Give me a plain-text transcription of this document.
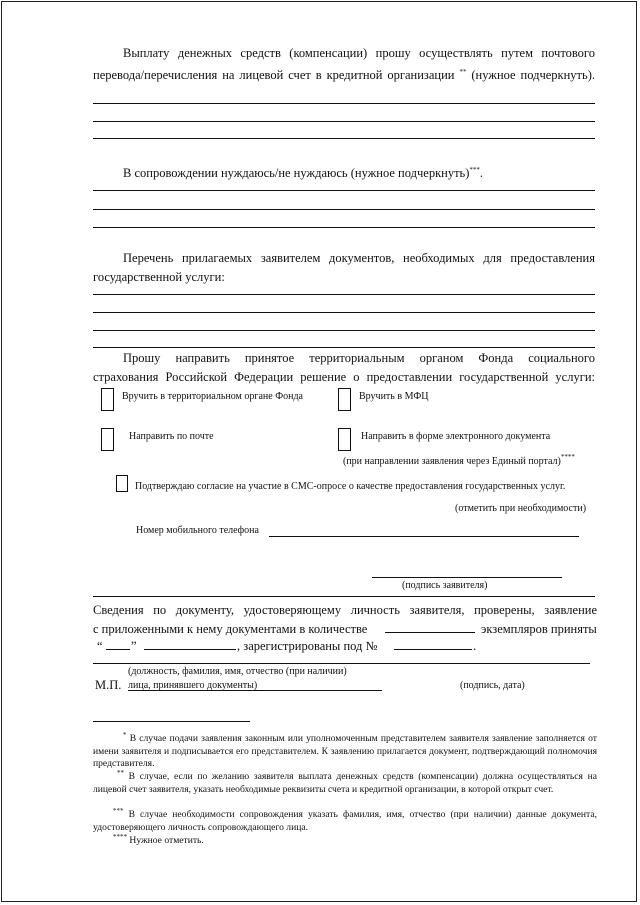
Выплату денежных средств (компенсации) прошу осуществлять путем почтового
перевода/перечисления на лицевой счет в кредитной организации ** (нужное подчеркнуть).
В сопровождении нуждаюсь/не нуждаюсь (нужное подчеркнуть)***.
Перечень прилагаемых заявителем документов, необходимых для предоставления
государственной услуги:
Прошу направить принятое территориальным органом Фонда социального
страхования Российской Федерации решение о предоставлении государственной услуги:
Вручить в территориальном органе Фонда	Вручить в МФЦ
Направить по почте	Направить в форме электронного документа
(при направлении заявления через Единый портал)****
Подтверждаю согласие на участие в СМС-опросе о качестве предоставления государственных услуг.
(отметить при необходимости)
Номер мобильного телефона
(подпись заявителя)
Сведения по документу, удостоверяющему личность заявителя, проверены, заявление
с приложенными к нему документами в количестве	экземпляров приняты
“ ”	, зарегистрированы под №	.
(должность, фамилия, имя, отчество (при наличии)
М.П. лица, принявшего документы)	(подпись, дата)
* В случае подачи заявления законным или уполномоченным представителем заявителя заявление заполняется от имени заявителя и подписывается его представителем. К заявлению прилагается документ, подтверждающий полномочия представителя.
** В случае, если по желанию заявителя выплата денежных средств (компенсации) должна осуществляться на лицевой счет заявителя, указать необходимые реквизиты счета и кредитной организации, в которой открыт счет.
*** В случае необходимости сопровождения указать фамилия, имя, отчество (при наличии) данные документа, удостоверяющего личность сопровождающего лица.
**** Нужное отметить.
